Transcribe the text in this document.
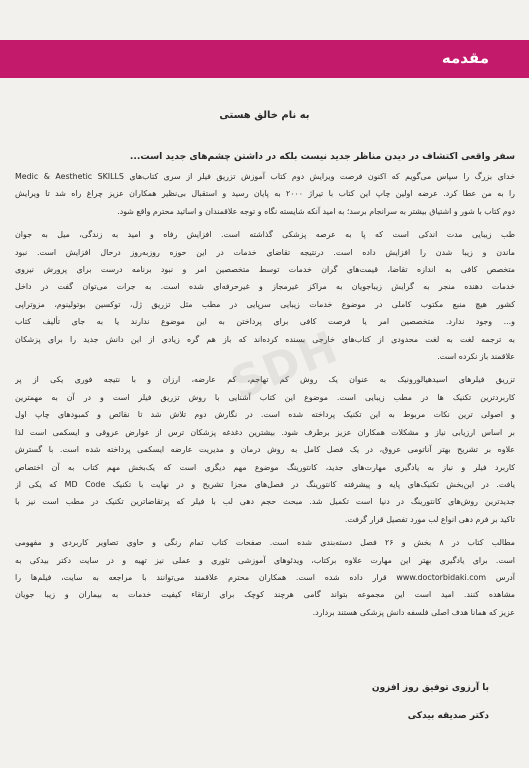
مقدمه
به نام خالق هستی
سفر واقعی اکتشاف در دیدن مناظر جدید نیست بلکه در داشتن چشم‌های جدید است...
خدای بزرگ را سپاس می‌گویم که اکنون فرصت ویرایش دوم کتاب آموزش تزریق فیلر از سری کتاب‌های Medic & Aesthetic SKILLS
را به من عطا کرد. عرضه اولین چاپ این کتاب با تیراژ ۲۰۰۰ به پایان رسید و استقبال بی‌نظیر همکاران عزیز چراغ راه شد تا ویرایش
دوم کتاب با شور و اشتیاق بیشتر به سرانجام برسد؛ به امید آنکه شایسته نگاه و توجه علاقمندان و اساتید محترم واقع شود.
طب زیبایی مدت اندکی است که پا به عرصه پزشکی گذاشته است. افزایش رفاه و امید به زندگی، میل به جوان
ماندن و زیبا شدن را افزایش داده است. درنتیجه تقاضای خدمات در این حوزه روزبه‌روز درحال افزایش است. نبود
متخصص کافی به اندازه تقاضا، قیمت‌های گران خدمات توسط متخصصین امر و نبود برنامه درست برای پرورش نیروی
خدمات دهنده منجر به گرایش زیباجویان به مراکز غیرمجاز و غیرحرفه‌ای شده است. به جرات می‌توان گفت در داخل
کشور هیچ منبع مکتوب کاملی در موضوع خدمات زیبایی سرپایی در مطب مثل تزریق ژل، توکسین بوتولینوم، مزوتراپی
و... وجود ندارد. متخصصین امر یا فرصت کافی برای پرداختن به این موضوع ندارند یا به جای تألیف کتاب
به ترجمه لغت به لغت محدودی از کتاب‌های خارجی بسنده کرده‌اند که باز هم گره زیادی از این دانش جدید را برای پزشکان
علاقمند باز نکرده است.
تزریق فیلرهای اسیدهیالورونیک به عنوان یک روش کم تهاجم، کم عارضه، ارزان و با نتیجه فوری یکی از پر
کاربردترین تکنیک ها در مطب زیبایی است. موضوع این کتاب آشنایی با روش تزریق فیلر است و در آن به مهمترین
و اصولی ترین نکات مربوط به این تکنیک پرداخته شده است. در نگارش دوم تلاش شد تا نقائص و کمبودهای چاپ اول
بر اساس ارزیابی نیاز و مشکلات همکاران عزیز برطرف شود. بیشترین دغدغه پزشکان ترس از عوارض عروقی و ایسکمی است لذا
علاوه بر تشریح بهتر آناتومی عروق، در یک فصل کامل به روش درمان و مدیریت عارضه ایسکمی پرداخته شده است. با گسترش
کاربرد فیلر و نیاز به یادگیری مهارت‌های جدید، کانتورینگ موضوع مهم دیگری است که یک‌بخش مهم کتاب به آن اختصاص
یافت. در این‌بخش تکنیک‌های پایه و پیشرفته کانتورینگ در فصل‌های مجزا تشریح و در نهایت با تکنیک MD Code که یکی از
جدیدترین روش‌های کانتورینگ در دنیا است تکمیل شد. مبحث حجم دهی لب با فیلر که پرتقاضاترین تکنیک در مطب است نیز با
تاکید بر فرم دهی انواع لب مورد تفصیل قرار گرفت.
مطالب کتاب در ۸ بخش و ۲۶ فصل دسته‌بندی شده است. صفحات کتاب تمام رنگی و حاوی تصاویر کاربردی و مفهومی
است. برای یادگیری بهتر این مهارت علاوه برکتاب، ویدئوهای آموزشی تئوری و عملی نیز تهیه و در سایت دکتر بیدکی به
آدرس www.doctorbidaki.com قرار داده شده است. همکاران محترم علاقمند می‌توانند با مراجعه به سایت، فیلم‌ها را
مشاهده کنند. امید است این مجموعه بتواند گامی هرچند کوچک برای ارتقاء کیفیت خدمات به بیماران و زیبا جویان
عزیز که همانا هدف اصلی فلسفه دانش پزشکی هستند بردارد.
با آرزوی توفیق روز افزون
دکتر صدیقه بیدکی
SDH
